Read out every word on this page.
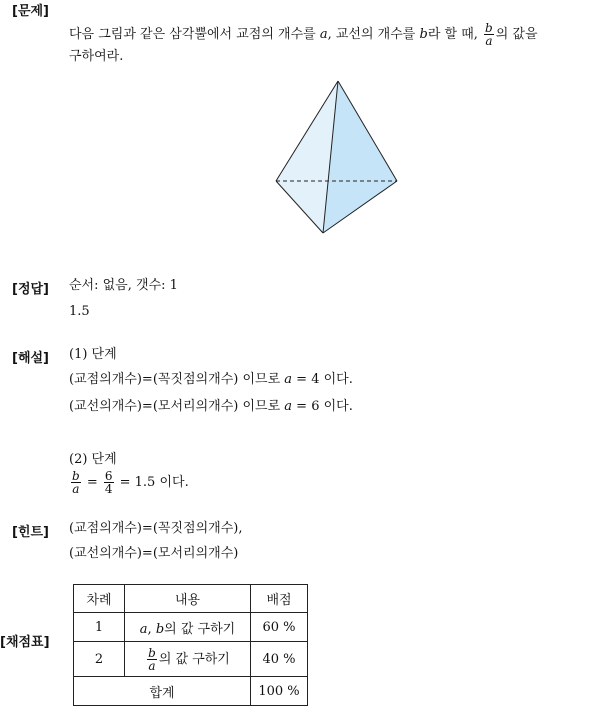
[문제]
다음 그림과 같은 삼각뿔에서 교점의 개수를 a, 교선의 개수를 b라 할 때, $\frac{b}{a}$ 의 값을
구하여라.
[정답] 순서: 없음, 갯수: 1
1.5
[해설] (1) 단계
(교점의개수)=(꼭짓점의개수) 이므로 a = 4 이다.
(교선의개수)=(모서리의개수) 이므로 a = 6 이다.
(2) 단계
$\frac{b}{a} = \frac{6}{4} = 1.5$ 이다.
[힌트] (교점의개수)=(꼭짓점의개수),
(교선의개수)=(모서리의개수)
[채점표]
차례	내용	배점
1	a, b의 값 구하기	60 %
2	$\frac{b}{a}$ 의 값 구하기	40 %
합계		100 %
